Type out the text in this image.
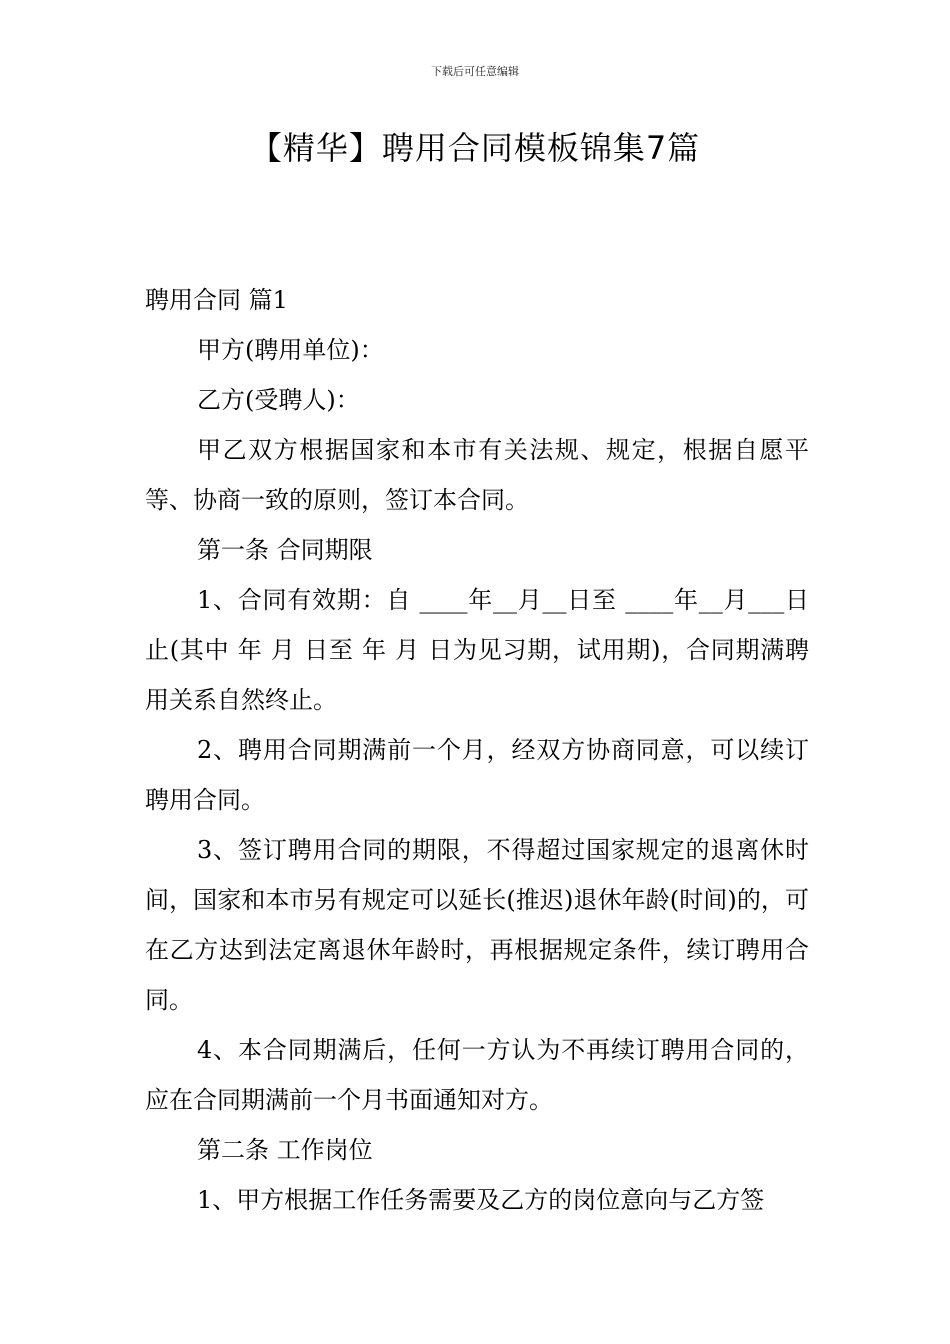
下载后可任意编辑
【精华】聘用合同模板锦集7篇

聘用合同 篇1

甲方(聘用单位)：

乙方(受聘人)：

甲乙双方根据国家和本市有关法规、规定，根据自愿平等、协商一致的原则，签订本合同。

第一条 合同期限

1、合同有效期：自 ____年__月__日至 ____年__月___日止(其中 年 月 日至 年 月 日为见习期，试用期)，合同期满聘用关系自然终止。

2、聘用合同期满前一个月，经双方协商同意，可以续订聘用合同。

3、签订聘用合同的期限，不得超过国家规定的退离休时间，国家和本市另有规定可以延长(推迟)退休年龄(时间)的，可在乙方达到法定离退休年龄时，再根据规定条件，续订聘用合同。

4、本合同期满后，任何一方认为不再续订聘用合同的，应在合同期满前一个月书面通知对方。

第二条 工作岗位

1、甲方根据工作任务需要及乙方的岗位意向与乙方签
